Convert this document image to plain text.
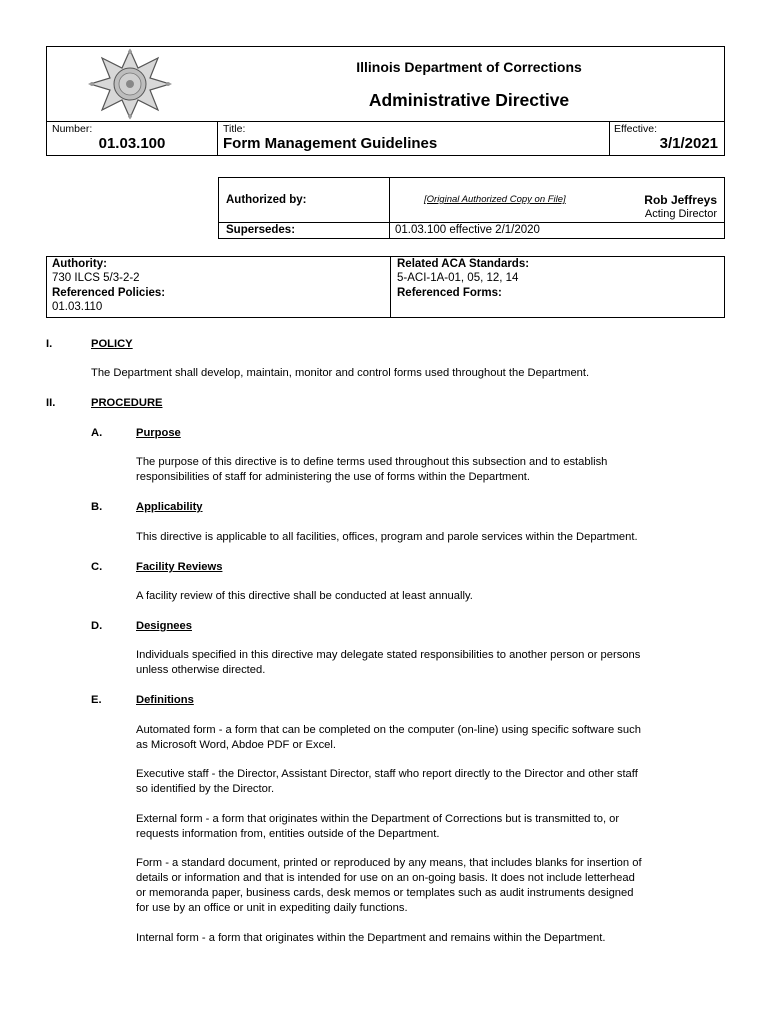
Illinois Department of Corrections
Administrative Directive
Number:
01.03.100
Title:
Form Management Guidelines
Effective:
3/1/2021
Authorized by:	[Original Authorized Copy on File]	Rob Jeffreys
Acting Director
Supersedes:	01.03.100 effective 2/1/2020
Authority:
730 ILCS 5/3-2-2
Referenced Policies:
01.03.110
Related ACA Standards:
5-ACI-1A-01, 05, 12, 14
Referenced Forms:
I.	POLICY
The Department shall develop, maintain, monitor and control forms used throughout the Department.
II.	PROCEDURE
A.	Purpose
The purpose of this directive is to define terms used throughout this subsection and to establish
responsibilities of staff for administering the use of forms within the Department.
B.	Applicability
This directive is applicable to all facilities, offices, program and parole services within the Department.
C.	Facility Reviews
A facility review of this directive shall be conducted at least annually.
D.	Designees
Individuals specified in this directive may delegate stated responsibilities to another person or persons
unless otherwise directed.
E.	Definitions
Automated form - a form that can be completed on the computer (on-line) using specific software such
as Microsoft Word, Abdoe PDF or Excel.
Executive staff - the Director, Assistant Director, staff who report directly to the Director and other staff
so identified by the Director.
External form - a form that originates within the Department of Corrections but is transmitted to, or
requests information from, entities outside of the Department.
Form - a standard document, printed or reproduced by any means, that includes blanks for insertion of
details or information and that is intended for use on an on-going basis. It does not include letterhead
or memoranda paper, business cards, desk memos or templates such as audit instruments designed
for use by an office or unit in expediting daily functions.
Internal form - a form that originates within the Department and remains within the Department.
